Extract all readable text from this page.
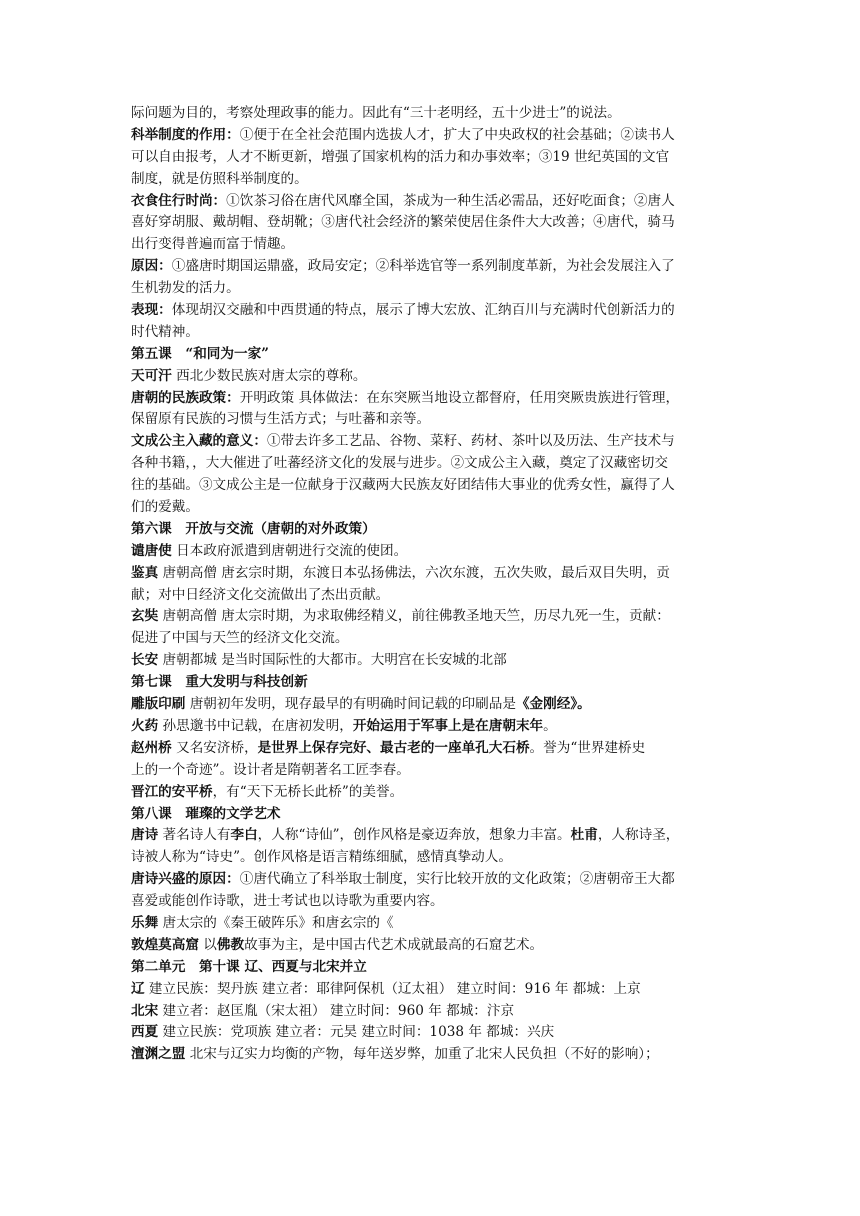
际问题为目的，考察处理政事的能力。因此有“三十老明经，五十少进士”的说法。
科举制度的作用：①便于在全社会范围内选拔人才，扩大了中央政权的社会基础；②读书人
可以自由报考，人才不断更新，增强了国家机构的活力和办事效率；③19 世纪英国的文官
制度，就是仿照科举制度的。
衣食住行时尚：①饮茶习俗在唐代风靡全国，茶成为一种生活必需品，还好吃面食；②唐人
喜好穿胡服、戴胡帽、登胡靴；③唐代社会经济的繁荣使居住条件大大改善；④唐代，骑马
出行变得普遍而富于情趣。
原因：①盛唐时期国运鼎盛，政局安定；②科举选官等一系列制度革新，为社会发展注入了
生机勃发的活力。
表现：体现胡汉交融和中西贯通的特点，展示了博大宏放、汇纳百川与充满时代创新活力的
时代精神。
第五课　“和同为一家”
天可汗 西北少数民族对唐太宗的尊称。
唐朝的民族政策：开明政策 具体做法：在东突厥当地设立都督府，任用突厥贵族进行管理，
保留原有民族的习惯与生活方式；与吐蕃和亲等。
文成公主入藏的意义：①带去许多工艺品、谷物、菜籽、药材、茶叶以及历法、生产技术与
各种书籍，，大大催进了吐蕃经济文化的发展与进步。②文成公主入藏，奠定了汉藏密切交
往的基础。③文成公主是一位献身于汉藏两大民族友好团结伟大事业的优秀女性，赢得了人
们的爱戴。
第六课　开放与交流（唐朝的对外政策）
谴唐使 日本政府派遣到唐朝进行交流的使团。
鉴真 唐朝高僧 唐玄宗时期，东渡日本弘扬佛法，六次东渡，五次失败，最后双目失明，贡
献；对中日经济文化交流做出了杰出贡献。
玄奘 唐朝高僧 唐太宗时期，为求取佛经精义，前往佛教圣地天竺，历尽九死一生，贡献：
促进了中国与天竺的经济文化交流。
长安 唐朝都城 是当时国际性的大都市。大明宫在长安城的北部
第七课　重大发明与科技创新
雕版印刷 唐朝初年发明，现存最早的有明确时间记载的印刷品是《金刚经》。
火药 孙思邈书中记载，在唐初发明，开始运用于军事上是在唐朝末年。
赵州桥 又名安济桥，是世界上保存完好、最古老的一座单孔大石桥。誉为“世界建桥史
上的一个奇迹”。设计者是隋朝著名工匠李春。
晋江的安平桥，有“天下无桥长此桥”的美誉。
第八课　璀璨的文学艺术
唐诗 著名诗人有李白，人称“诗仙”，创作风格是豪迈奔放，想象力丰富。杜甫，人称诗圣，
诗被人称为“诗史”。创作风格是语言精练细腻，感情真挚动人。
唐诗兴盛的原因：①唐代确立了科举取士制度，实行比较开放的文化政策；②唐朝帝王大都
喜爱或能创作诗歌，进士考试也以诗歌为重要内容。
乐舞 唐太宗的《秦王破阵乐》和唐玄宗的《
敦煌莫高窟 以佛教故事为主，是中国古代艺术成就最高的石窟艺术。
第二单元　第十课 辽、西夏与北宋并立
辽 建立民族：契丹族 建立者：耶律阿保机（辽太祖） 建立时间：916 年 都城：上京
北宋 建立者：赵匡胤（宋太祖） 建立时间：960 年 都城：汴京
西夏 建立民族：党项族 建立者：元昊 建立时间：1038 年 都城：兴庆
澶渊之盟 北宋与辽实力均衡的产物，每年送岁弊，加重了北宋人民负担（不好的影响）；
